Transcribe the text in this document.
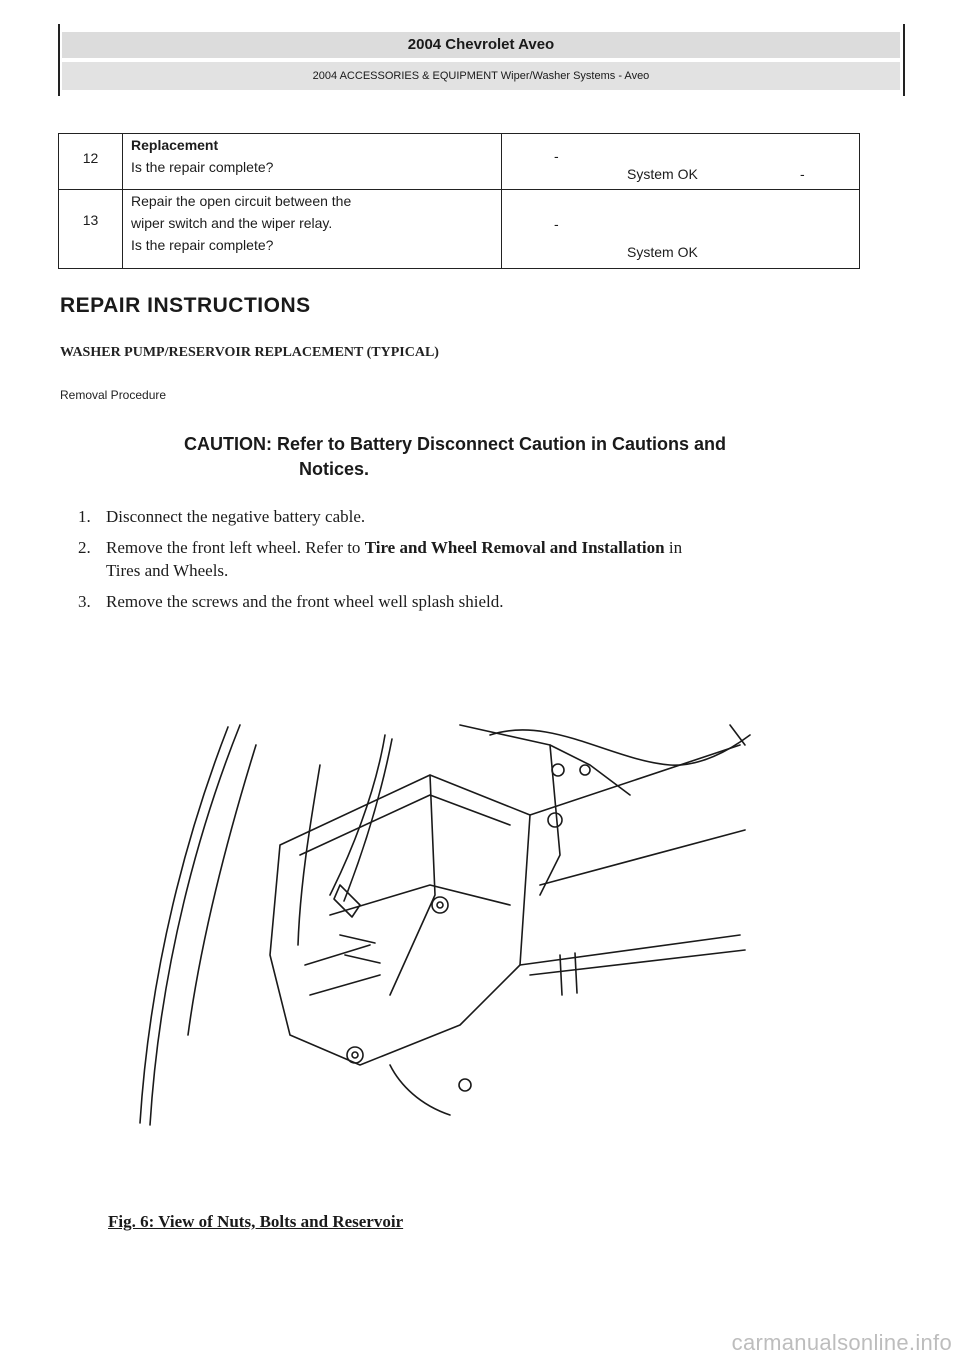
2004 Chevrolet Aveo
2004 ACCESSORIES & EQUIPMENT Wiper/Washer Systems - Aveo
12	Replacement
Is the repair complete?	-
System OK -

13	Repair the open circuit between the
wiper switch and the wiper relay.
Is the repair complete?	-
System OK
REPAIR INSTRUCTIONS
WASHER PUMP/RESERVOIR REPLACEMENT (TYPICAL)
Removal Procedure
CAUTION: Refer to Battery Disconnect Caution in Cautions and
Notices.
1. Disconnect the negative battery cable.
2. Remove the front left wheel. Refer to Tire and Wheel Removal and Installation in
Tires and Wheels.
3. Remove the screws and the front wheel well splash shield.
Fig. 6: View of Nuts, Bolts and Reservoir
carmanualsonline.info
